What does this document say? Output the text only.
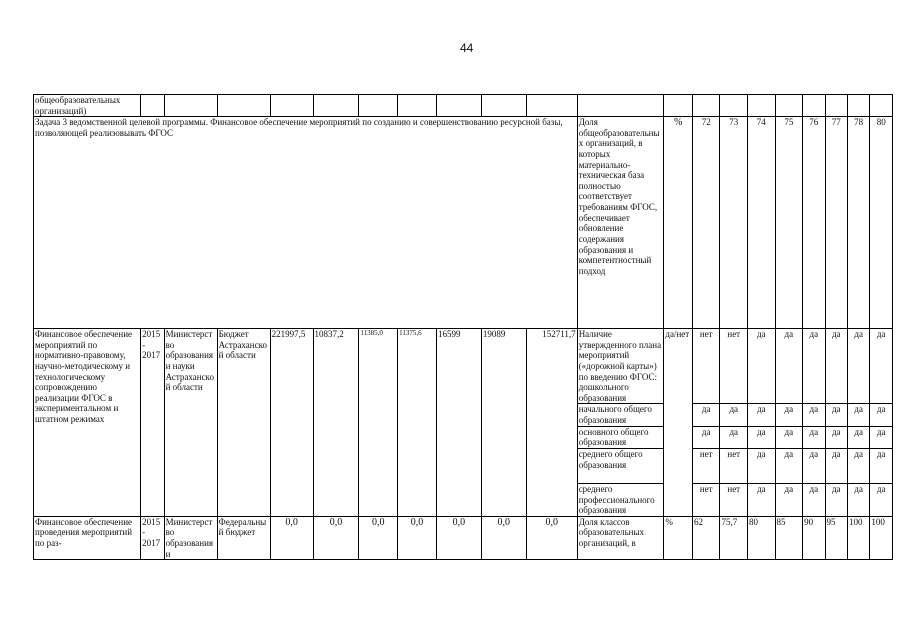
44
общеобразовательных организаций)																				
Задача 3 ведомственной целевой программы. Финансовое обеспечение мероприятий по созданию и совершенствованию ресурсной базы, позволяющей реализовывать ФГОС											Доля общеобразовательных организаций, в которых материально-техническая база полностью соответствует требованиям ФГОС, обеспечивает обновление содержания образования и компетентностный подход	%	72	73	74	75	76	77	78	80
Финансовое обеспечение мероприятий по нормативно-правовому, научно-методическому и технологическому сопровождению реализации ФГОС в экспериментальном и штатном режимах	2015 - 2017	Министерство образования и науки Астраханской области	Бюджет Астраханской области	221997,5	10837,2	11385,0	11375,6	16599	19089	152711,7	Наличие утвержденного плана мероприятий («дорожной карты») по введению ФГОС: дошкольного образования	да/нет	нет	нет	да	да	да	да	да	да
											начального общего образования		да	да	да	да	да	да	да	да
											основного общего образования		да	да	да	да	да	да	да	да
											среднего общего образования		нет	нет	да	да	да	да	да	да
											среднего профессионального образования		нет	нет	да	да	да	да	да	да
Финансовое обеспечение проведения мероприятий по раз-	2015 - 2017	Министерство образования и	Федеральный бюджет	0,0	0,0	0,0	0,0	0,0	0,0	0,0	Доля классов образовательных организаций, в	%	62	75,7	80	85	90	95	100	100
